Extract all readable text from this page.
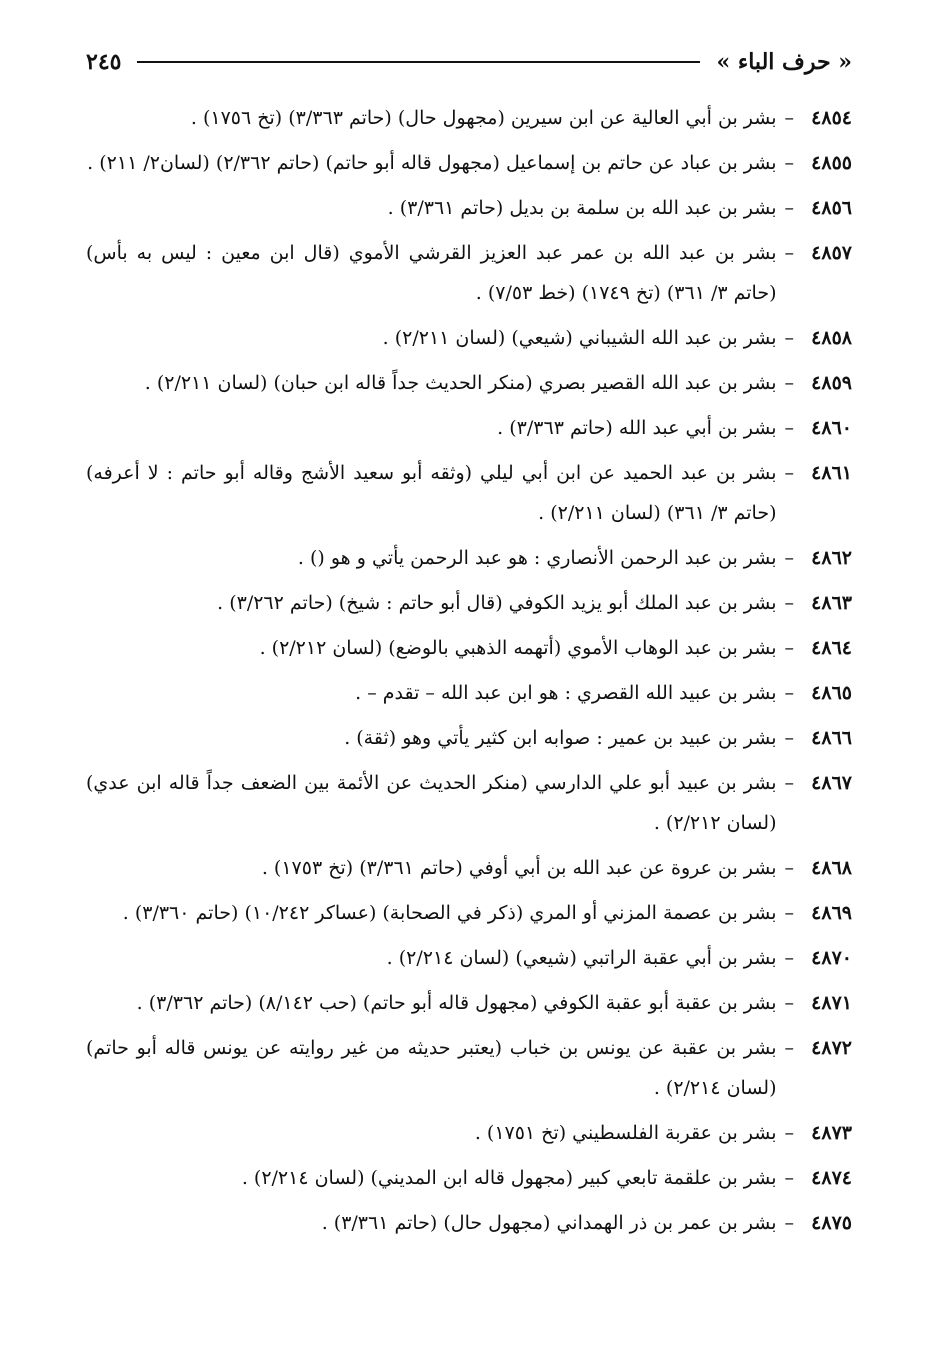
« حرف الباء »
٢٤٥
٤٨٥٤
–
بشر بن أبي العالية عن ابن سيرين (مجهول حال) (حاتم ٣/٣٦٣) (تخ ١٧٥٦) .
٤٨٥٥
–
بشر بن عباد عن حاتم بن إسماعيل (مجهول قاله أبو حاتم) (حاتم ٢/٣٦٢) (لسان٢/ ٢١١) .
٤٨٥٦
–
بشر بن عبد الله بن سلمة بن بديل (حاتم ٣/٣٦١) .
٤٨٥٧
–
بشر بن عبد الله بن عمر عبد العزيز القرشي الأموي (قال ابن معين : ليس به بأس) (حاتم ٣/ ٣٦١) (تخ ١٧٤٩) (خط ٧/٥٣) .
٤٨٥٨
–
بشر بن عبد الله الشيباني (شيعي) (لسان ٢/٢١١) .
٤٨٥٩
–
بشر بن عبد الله القصير بصري (منكر الحديث جداً قاله ابن حبان) (لسان ٢/٢١١) .
٤٨٦٠
–
بشر بن أبي عبد الله (حاتم ٣/٣٦٣) .
٤٨٦١
–
بشر بن عبد الحميد عن ابن أبي ليلي (وثقه أبو سعيد الأشج وقاله أبو حاتم : لا أعرفه) (حاتم ٣/ ٣٦١) (لسان ٢/٢١١) .
٤٨٦٢
–
بشر بن عبد الرحمن الأنصاري : هو عبد الرحمن يأتي و هو () .
٤٨٦٣
–
بشر بن عبد الملك أبو يزيد الكوفي (قال أبو حاتم : شيخ) (حاتم ٣/٢٦٢) .
٤٨٦٤
–
بشر بن عبد الوهاب الأموي (أتهمه الذهبي بالوضع) (لسان ٢/٢١٢) .
٤٨٦٥
–
بشر بن عبيد الله القصري : هو ابن عبد الله – تقدم – .
٤٨٦٦
–
بشر بن عبيد بن عمير : صوابه ابن كثير يأتي وهو (ثقة) .
٤٨٦٧
–
بشر بن عبيد أبو علي الدارسي (منكر الحديث عن الأئمة بين الضعف جداً قاله ابن عدي) (لسان ٢/٢١٢) .
٤٨٦٨
–
بشر بن عروة عن عبد الله بن أبي أوفي (حاتم ٣/٣٦١) (تخ ١٧٥٣) .
٤٨٦٩
–
بشر بن عصمة المزني أو المري (ذكر في الصحابة) (عساكر ١٠/٢٤٢) (حاتم ٣/٣٦٠) .
٤٨٧٠
–
بشر بن أبي عقبة الراتبي (شيعي) (لسان ٢/٢١٤) .
٤٨٧١
–
بشر بن عقبة أبو عقبة الكوفي (مجهول قاله أبو حاتم) (حب ٨/١٤٢) (حاتم ٣/٣٦٢) .
٤٨٧٢
–
بشر بن عقبة عن يونس بن خباب (يعتبر حديثه من غير روايته عن يونس قاله أبو حاتم) (لسان ٢/٢١٤) .
٤٨٧٣
–
بشر بن عقربة الفلسطيني (تخ ١٧٥١) .
٤٨٧٤
–
بشر بن علقمة تابعي كبير (مجهول قاله ابن المديني) (لسان ٢/٢١٤) .
٤٨٧٥
–
بشر بن عمر بن ذر الهمداني (مجهول حال) (حاتم ٣/٣٦١) .
